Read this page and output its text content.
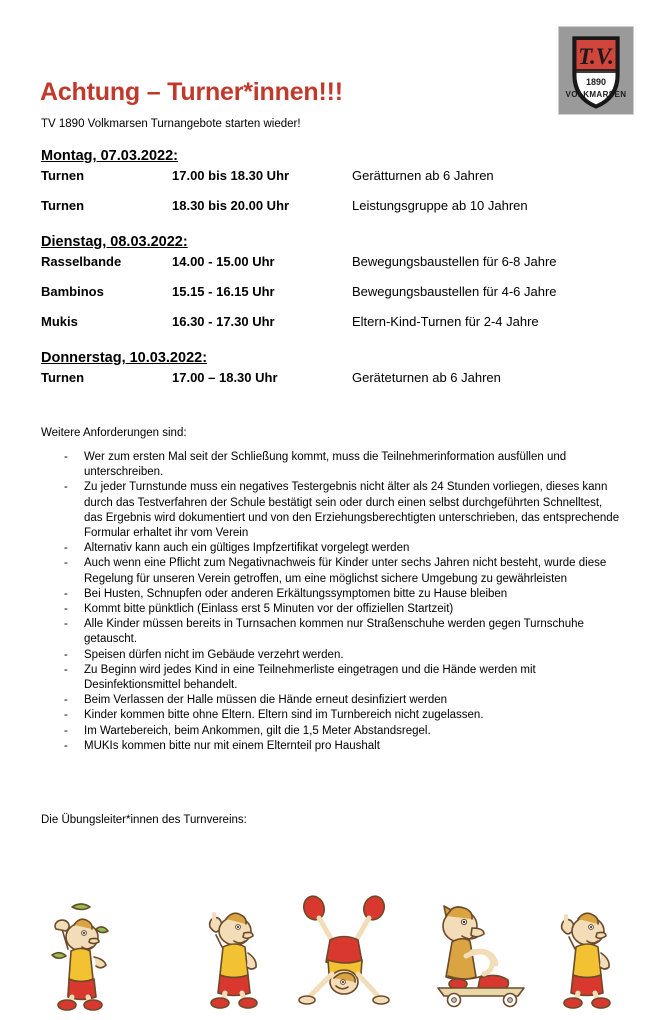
T.V.
1890
VOLKMARSEN
Achtung – Turner*innen!!!
TV 1890 Volkmarsen Turnangebote starten wieder!
Montag, 07.03.2022:
Turnen	17.00 bis 18.30 Uhr	Gerätturnen ab 6 Jahren
Turnen	18.30 bis 20.00 Uhr	Leistungsgruppe ab 10 Jahren
Dienstag, 08.03.2022:
Rasselbande	14.00 - 15.00 Uhr	Bewegungsbaustellen für 6-8 Jahre
Bambinos	15.15 - 16.15 Uhr	Bewegungsbaustellen für 4-6 Jahre
Mukis	16.30 - 17.30 Uhr	Eltern-Kind-Turnen für 2-4 Jahre
Donnerstag, 10.03.2022:
Turnen	17.00 – 18.30 Uhr	Geräteturnen ab 6 Jahren
Weitere Anforderungen sind:
-	Wer zum ersten Mal seit der Schließung kommt, muss die Teilnehmerinformation ausfüllen und unterschreiben.
-	Zu jeder Turnstunde muss ein negatives Testergebnis nicht älter als 24 Stunden vorliegen, dieses kann durch das Testverfahren der Schule bestätigt sein oder durch einen selbst durchgeführten Schnelltest, das Ergebnis wird dokumentiert und von den Erziehungsberechtigten unterschrieben, das entsprechende Formular erhaltet ihr vom Verein
-	Alternativ kann auch ein gültiges Impfzertifikat vorgelegt werden
-	Auch wenn eine Pflicht zum Negativnachweis für Kinder unter sechs Jahren nicht besteht, wurde diese Regelung für unseren Verein getroffen, um eine möglichst sichere Umgebung zu gewährleisten
-	Bei Husten, Schnupfen oder anderen Erkältungssymptomen bitte zu Hause bleiben
-	Kommt bitte pünktlich (Einlass erst 5 Minuten vor der offiziellen Startzeit)
-	Alle Kinder müssen bereits in Turnsachen kommen nur Straßenschuhe werden gegen Turnschuhe getauscht.
-	Speisen dürfen nicht im Gebäude verzehrt werden.
-	Zu Beginn wird jedes Kind in eine Teilnehmerliste eingetragen und die Hände werden mit Desinfektionsmittel behandelt.
-	Beim Verlassen der Halle müssen die Hände erneut desinfiziert werden
-	Kinder kommen bitte ohne Eltern. Eltern sind im Turnbereich nicht zugelassen.
-	Im Wartebereich, beim Ankommen, gilt die 1,5 Meter Abstandsregel.
-	MUKIs kommen bitte nur mit einem Elternteil pro Haushalt
Die Übungsleiter*innen des Turnvereins:
